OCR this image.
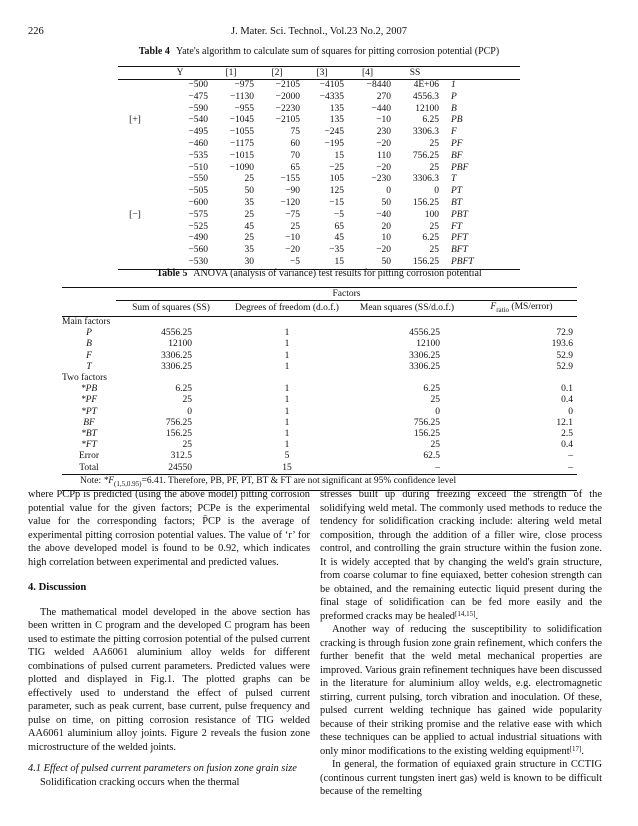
226	J. Mater. Sci. Technol., Vol.23 No.2, 2007
Table 4 Yate's algorithm to calculate sum of squares for pitting corrosion potential (PCP)
	Y	[1]	[2]	[3]	[4]	SS	
	−500	−975	−2105	−4105	−8440	4E+06	1
	−475	−1130	−2000	−4335	270	4556.3	P
	−590	−955	−2230	135	−440	12100	B
[+]	−540	−1045	−2105	135	−10	6.25	PB
	−495	−1055	75	−245	230	3306.3	F
	−460	−1175	60	−195	−20	25	PF
	−535	−1015	70	15	110	756.25	BF
	−510	−1090	65	−25	−20	25	PBF
	−550	25	−155	105	−230	3306.3	T
	−505	50	−90	125	0	0	PT
	−600	35	−120	−15	50	156.25	BT
[−]	−575	25	−75	−5	−40	100	PBT
	−525	45	25	65	20	25	FT
	−490	25	−10	45	10	6.25	PFT
	−560	35	−20	−35	−20	25	BFT
	−530	30	−5	15	50	156.25	PBFT
Table 5 ANOVA (analysis of variance) test results for pitting corrosion potential
	Factors			
	Sum of squares (SS)	Degrees of freedom (d.o.f.)	Mean squares (SS/d.o.f.)	$F_{ratio}$ (MS/error)
Main factors				
P	4556.25	1	4556.25	72.9
B	12100	1	12100	193.6
F	3306.25	1	3306.25	52.9
T	3306.25	1	3306.25	52.9
Two factors				
*PB	6.25	1	6.25	0.1
*PF	25	1	25	0.4
*PT	0	1	0	0
BF	756.25	1	756.25	12.1
*BT	156.25	1	156.25	2.5
*FT	25	1	25	0.4
Error	312.5	5	62.5	–
Total	24550	15	–	–
Note: $*F_{(1,5,0.95)}=6.41$. Therefore, PB, PF, PT, BT & FT are not significant at 95% confidence level				

where PCPp is predicted (using the above model) pitting corrosion potential value for the given factors; PCPe is the experimental value for the corresponding factors; P̄CP is the average of experimental pitting corrosion potential values. The value of ‘r’ for the above developed model is found to be 0.92, which indicates high correlation between experimental and predicted values.

4. Discussion

The mathematical model developed in the above section has been written in C program and the developed C program has been used to estimate the pitting corrosion potential of the pulsed current TIG welded AA6061 aluminium alloy welds for different combinations of pulsed current parameters. Predicted values were plotted and displayed in Fig.1. The plotted graphs can be effectively used to understand the effect of pulsed current parameter, such as peak current, base current, pulse frequency and pulse on time, on pitting corrosion resistance of TIG welded AA6061 aluminium alloy joints. Figure 2 reveals the fusion zone microstructure of the welded joints.

4.1 Effect of pulsed current parameters on fusion zone grain size

Solidification cracking occurs when the thermal

stresses built up during freezing exceed the strength of the solidifying weld metal. The commonly used methods to reduce the tendency for solidification cracking include: altering weld metal composition, through the addition of a filler wire, close process control, and controlling the grain structure within the fusion zone. It is widely accepted that by changing the weld's grain structure, from coarse columar to fine equiaxed, better cohesion strength can be obtained, and the remaining eutectic liquid present during the final stage of solidification can be fed more easily and the preformed cracks may be healed[14,15].

Another way of reducing the susceptibility to solidification cracking is through fusion zone grain refinement, which confers the further benefit that the weld metal mechanical properties are improved. Various grain refinement techniques have been discussed in the literature for aluminium alloy welds, e.g. electromagnetic stirring, current pulsing, torch vibration and inoculation. Of these, pulsed current welding technique has gained wide popularity because of their striking promise and the relative ease with which these techniques can be applied to actual industrial situations with only minor modifications to the existing welding equipment[17].

In general, the formation of equiaxed grain structure in CCTIG (continous current tungsten inert gas) weld is known to be difficult because of the remelting
